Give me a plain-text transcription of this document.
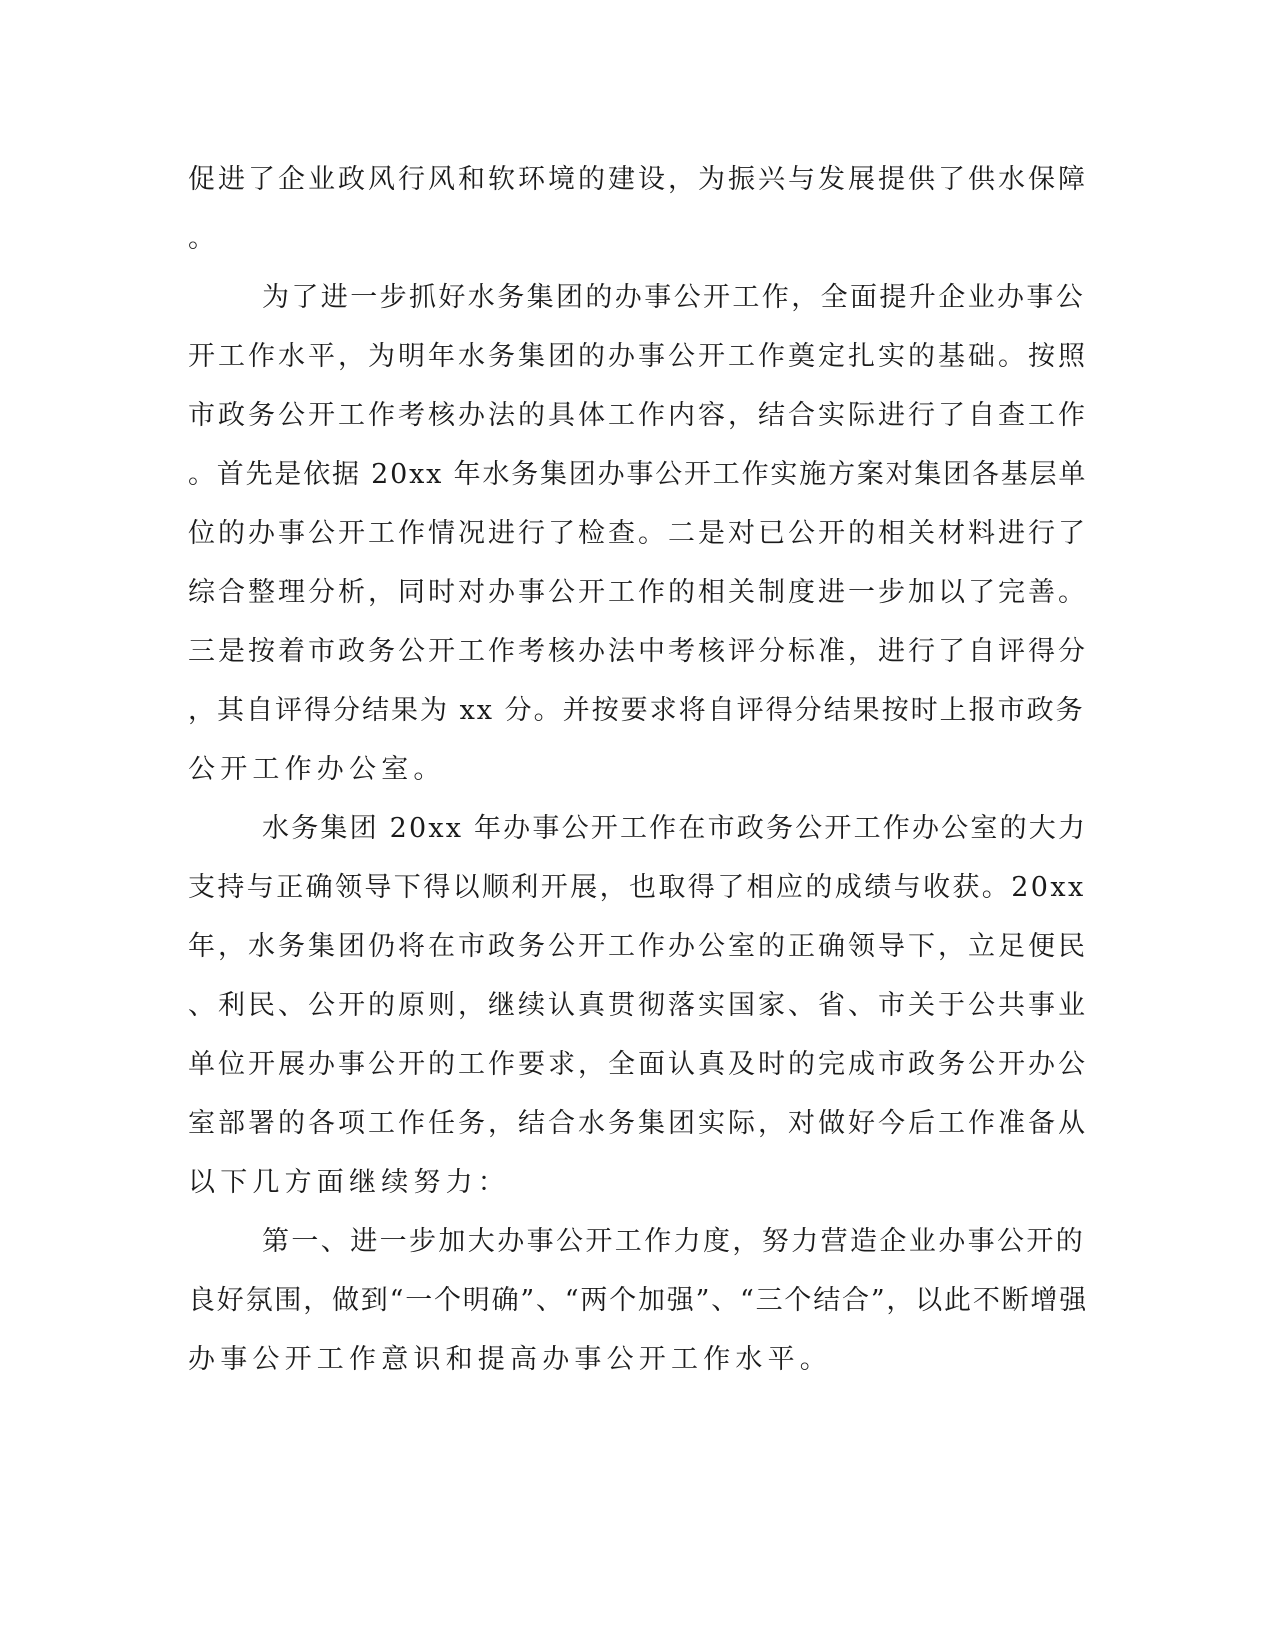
促进了企业政风行风和软环境的建设，为振兴与发展提供了供水保障
。
为了进一步抓好水务集团的办事公开工作，全面提升企业办事公
开工作水平，为明年水务集团的办事公开工作奠定扎实的基础。按照
市政务公开工作考核办法的具体工作内容，结合实际进行了自查工作
。首先是依据 20xx 年水务集团办事公开工作实施方案对集团各基层单
位的办事公开工作情况进行了检查。二是对已公开的相关材料进行了
综合整理分析，同时对办事公开工作的相关制度进一步加以了完善。
三是按着市政务公开工作考核办法中考核评分标准，进行了自评得分
，其自评得分结果为 xx 分。并按要求将自评得分结果按时上报市政务
公开工作办公室。
水务集团 20xx 年办事公开工作在市政务公开工作办公室的大力
支持与正确领导下得以顺利开展，也取得了相应的成绩与收获。20xx
年，水务集团仍将在市政务公开工作办公室的正确领导下，立足便民
、利民、公开的原则，继续认真贯彻落实国家、省、市关于公共事业
单位开展办事公开的工作要求，全面认真及时的完成市政务公开办公
室部署的各项工作任务，结合水务集团实际，对做好今后工作准备从
以下几方面继续努力：
第一、进一步加大办事公开工作力度，努力营造企业办事公开的
良好氛围，做到“一个明确”、“两个加强”、“三个结合”，以此不断增强
办事公开工作意识和提高办事公开工作水平。
